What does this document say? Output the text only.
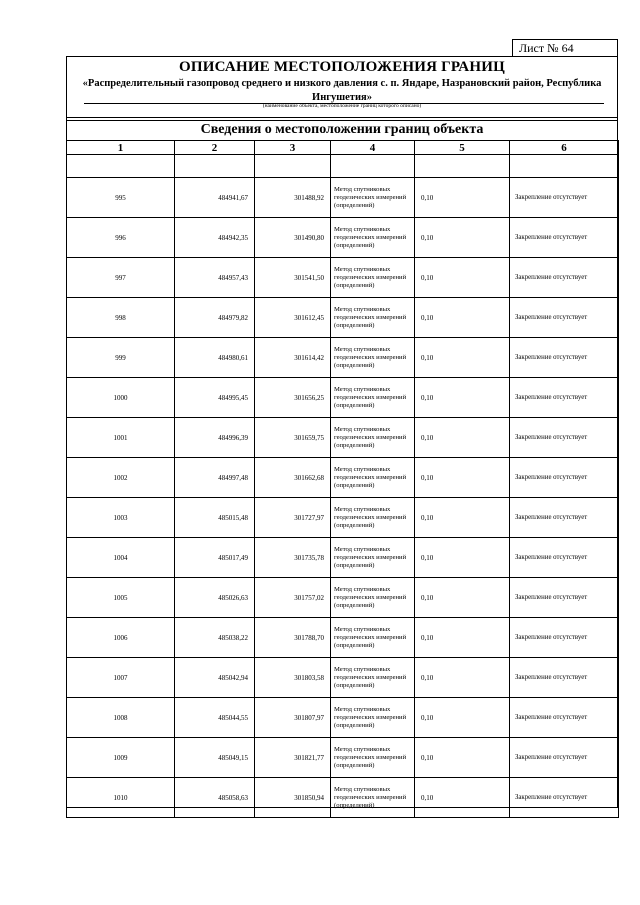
Лист № 64
ОПИСАНИЕ МЕСТОПОЛОЖЕНИЯ ГРАНИЦ
«Распределительный газопровод среднего и низкого давления с. п. Яндаре, Назрановский район, Республика Ингушетия»
(наименование объекта, местоположение границ которого описано)
Сведения о местоположении границ объекта
1	2	3	4	5	6

995	484941,67	301488,92	Метод спутниковых геодезических измерений (определений)	0,10	Закрепление отсутствует
996	484942,35	301490,80	Метод спутниковых геодезических измерений (определений)	0,10	Закрепление отсутствует
997	484957,43	301541,50	Метод спутниковых геодезических измерений (определений)	0,10	Закрепление отсутствует
998	484979,82	301612,45	Метод спутниковых геодезических измерений (определений)	0,10	Закрепление отсутствует
999	484980,61	301614,42	Метод спутниковых геодезических измерений (определений)	0,10	Закрепление отсутствует
1000	484995,45	301656,25	Метод спутниковых геодезических измерений (определений)	0,10	Закрепление отсутствует
1001	484996,39	301659,75	Метод спутниковых геодезических измерений (определений)	0,10	Закрепление отсутствует
1002	484997,48	301662,68	Метод спутниковых геодезических измерений (определений)	0,10	Закрепление отсутствует
1003	485015,48	301727,97	Метод спутниковых геодезических измерений (определений)	0,10	Закрепление отсутствует
1004	485017,49	301735,78	Метод спутниковых геодезических измерений (определений)	0,10	Закрепление отсутствует
1005	485026,63	301757,02	Метод спутниковых геодезических измерений (определений)	0,10	Закрепление отсутствует
1006	485038,22	301788,70	Метод спутниковых геодезических измерений (определений)	0,10	Закрепление отсутствует
1007	485042,94	301803,58	Метод спутниковых геодезических измерений (определений)	0,10	Закрепление отсутствует
1008	485044,55	301807,97	Метод спутниковых геодезических измерений (определений)	0,10	Закрепление отсутствует
1009	485049,15	301821,77	Метод спутниковых геодезических измерений (определений)	0,10	Закрепление отсутствует
1010	485058,63	301850,94	Метод спутниковых геодезических измерений (определений)	0,10	Закрепление отсутствует
